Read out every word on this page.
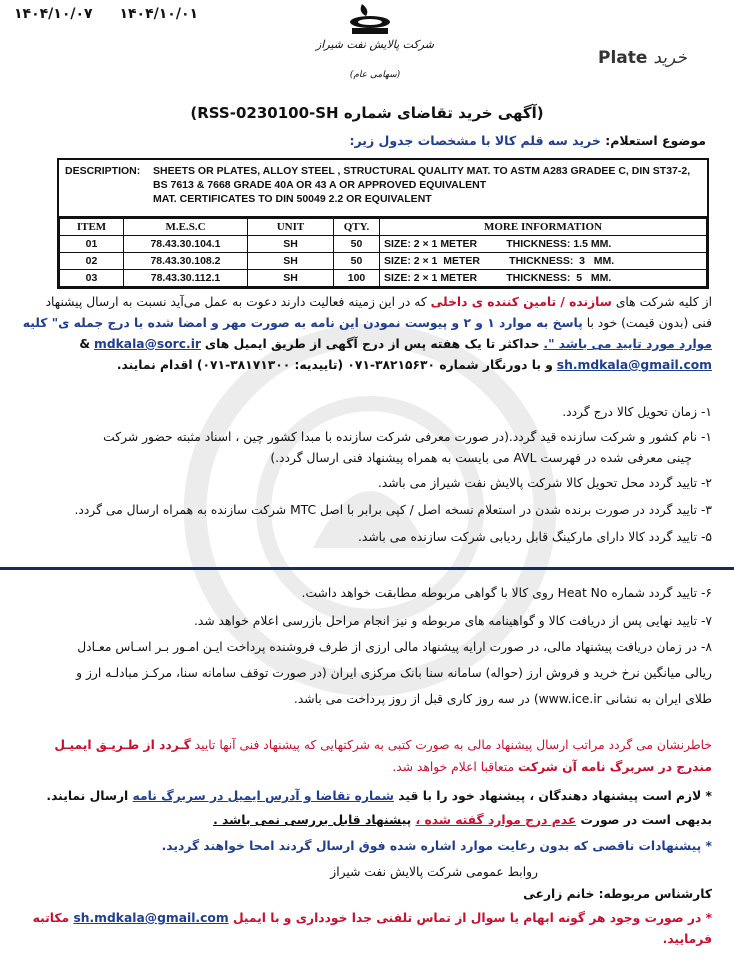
۱۴۰۴/۱۰/۰۷ ۱۴۰۴/۱۰/۰۱
S.O.R.C
شرکت پالایش نفت شیراز
(سهامی عام)
Plate خرید
(آگهی خرید تقاضای شماره RSS-0230100-SH)
موضوع استعلام: خرید سه قلم کالا با مشخصات جدول زیر:
DESCRIPTION: SHEETS OR PLATES, ALLOY STEEL , STRUCTURAL QUALITY MAT. TO ASTM A283 GRADEE C, DIN ST37-2,
BS 7613 & 7668 GRADE 40A OR 43 A OR APPROVED EQUIVALENT
MAT. CERTIFICATES TO DIN 50049 2.2 OR EQUIVALENT
ITEM	M.E.S.C	UNIT	QTY.	MORE INFORMATION
01	78.43.30.104.1	SH	50	SIZE: 2 × 1 METER          THICKNESS: 1.5 MM.
02	78.43.30.108.2	SH	50	SIZE: 2 × 1  METER          THICKNESS:  3   MM.
03	78.43.30.112.1	SH	100	SIZE: 2 × 1 METER          THICKNESS:  5   MM.
از کلیه شرکت های سازنده / تامین کننده ی داخلی که در این زمینه فعالیت دارند دعوت به عمل می‌آید نسبت به ارسال پیشنهاد
فنی (بدون قیمت) خود با پاسخ به موارد ۱ و ۲ و پیوست نمودن این نامه به صورت مهر و امضا شده با درج جمله ی" کلیه
موارد مورد تایید می باشد ". حداکثر تا یک هفته پس از درج آگهی از طریق ایمیل های mdkala@sorc.ir &
sh.mdkala@gmail.com و با دورنگار شماره ۳۸۲۱۵۶۳۰-۰۷۱ (تاییدیه: ۳۸۱۷۱۳۰۰-۰۷۱) اقدام نمایند.
۱- زمان تحویل کالا درج گردد.
۱- نام کشور و شرکت سازنده قید گردد.(در صورت معرفی شرکت سازنده با مبدا کشور چین ، اسناد مثبته حضور شرکت
چینی معرفی شده در فهرست AVL می بایست به همراه پیشنهاد فنی ارسال گردد.)
۲- تایید گردد محل تحویل کالا شرکت پالایش نفت شیراز می باشد.
۳- تایید گردد در صورت برنده شدن در استعلام نسخه اصل / کپی برابر با اصل MTC شرکت سازنده به همراه ارسال می گردد.
۵- تایید گردد کالا دارای مارکینگ قابل ردیابی شرکت سازنده می باشد.
۶- تایید گردد شماره Heat No روی کالا با گواهی مربوطه مطابقت خواهد داشت.
۷- تایید نهایی پس از دریافت کالا و گواهینامه های مربوطه و نیز انجام مراحل بازرسی اعلام خواهد شد.
۸- در زمان دریافت پیشنهاد مالی، در صورت ارایه پیشنهاد مالی ارزی از طرف فروشنده پرداخت ایـن امـور بـر اسـاس معـادل
ریالی میانگین نرخ خرید و فروش ارز (حواله) سامانه سنا بانک مرکزی ایران (در صورت توقف سامانه سنا، مرکـز مبادلـه ارز و
طلای ایران به نشانی www.ice.ir) در سه روز کاری قبل از روز پرداخت می باشد.
خاطرنشان می گردد مراتب ارسال پیشنهاد مالی به صورت کتبی به شرکتهایی که پیشنهاد فنی آنها تایید گـردد از طـریـق ایمیـل
مندرج در سربرگ نامه آن شرکت متعاقبا اعلام خواهد شد.
* لازم است پیشنهاد دهندگان ، پیشنهاد خود را با قید شماره تقاضا و آدرس ایمیل در سربرگ نامه ارسال نمایند.
بدیهی است در صورت عدم درج موارد گفته شده ، پیشنهاد قابل بررسی نمی باشد .
* پیشنهادات ناقصی که بدون رعایت موارد اشاره شده فوق ارسال گردند امحا خواهند گردید.
روابط عمومی شرکت پالایش نفت شیراز
کارشناس مربوطه: خانم زارعی
* در صورت وجود هر گونه ابهام یا سوال از تماس تلفنی جدا خودداری و با ایمیل sh.mdkala@gmail.com مکاتبه فرمایید.
